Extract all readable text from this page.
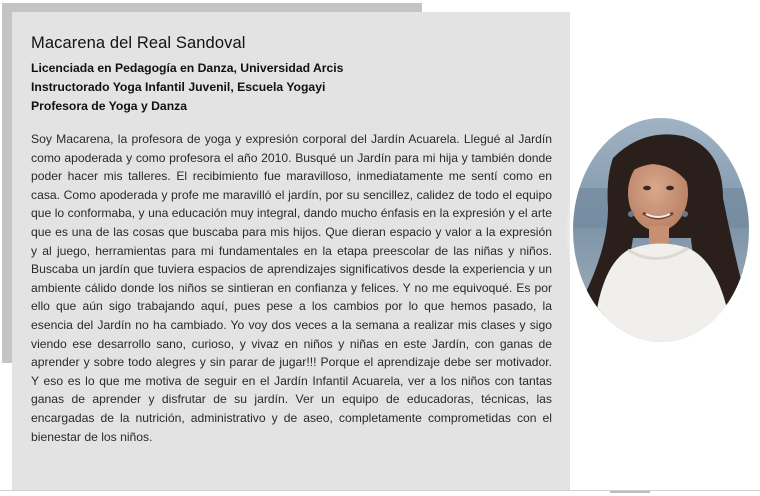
Macarena del Real Sandoval

Licenciada en Pedagogía en Danza, Universidad Arcis

Instructorado Yoga Infantil Juvenil, Escuela Yogayi

Profesora de Yoga y Danza

Soy Macarena, la profesora de yoga y expresión corporal del Jardín Acuarela. Llegué al Jardín como apoderada y como profesora el año 2010. Busqué un Jardín para mi hija y también donde poder hacer mis talleres. El recibimiento fue maravilloso, inmediatamente me sentí como en casa. Como apoderada y profe me maravilló el jardín, por su sencillez, calidez de todo el equipo que lo conformaba, y una educación muy integral, dando mucho énfasis en la expresión y el arte que es una de las cosas que buscaba para mis hijos. Que dieran espacio y valor a la expresión y al juego, herramientas para mi fundamentales en la etapa preescolar de las niñas y niños. Buscaba un jardín que tuviera espacios de aprendizajes significativos desde la experiencia y un ambiente cálido donde los niños se sintieran en confianza y felices. Y no me equivoqué. Es por ello que aún sigo trabajando aquí, pues pese a los cambios por lo que hemos pasado, la esencia del Jardín no ha cambiado. Yo voy dos veces a la semana a realizar mis clases y sigo viendo ese desarrollo sano, curioso, y vivaz en niños y niñas en este Jardín, con ganas de aprender y sobre todo alegres y sin parar de jugar!!! Porque el aprendizaje debe ser motivador. Y eso es lo que me motiva de seguir en el Jardín Infantil Acuarela, ver a los niños con tantas ganas de aprender y disfrutar de su jardín. Ver un equipo de educadoras, técnicas, las encargadas de la nutrición, administrativo y de aseo, completamente comprometidas con el bienestar de los niños.
